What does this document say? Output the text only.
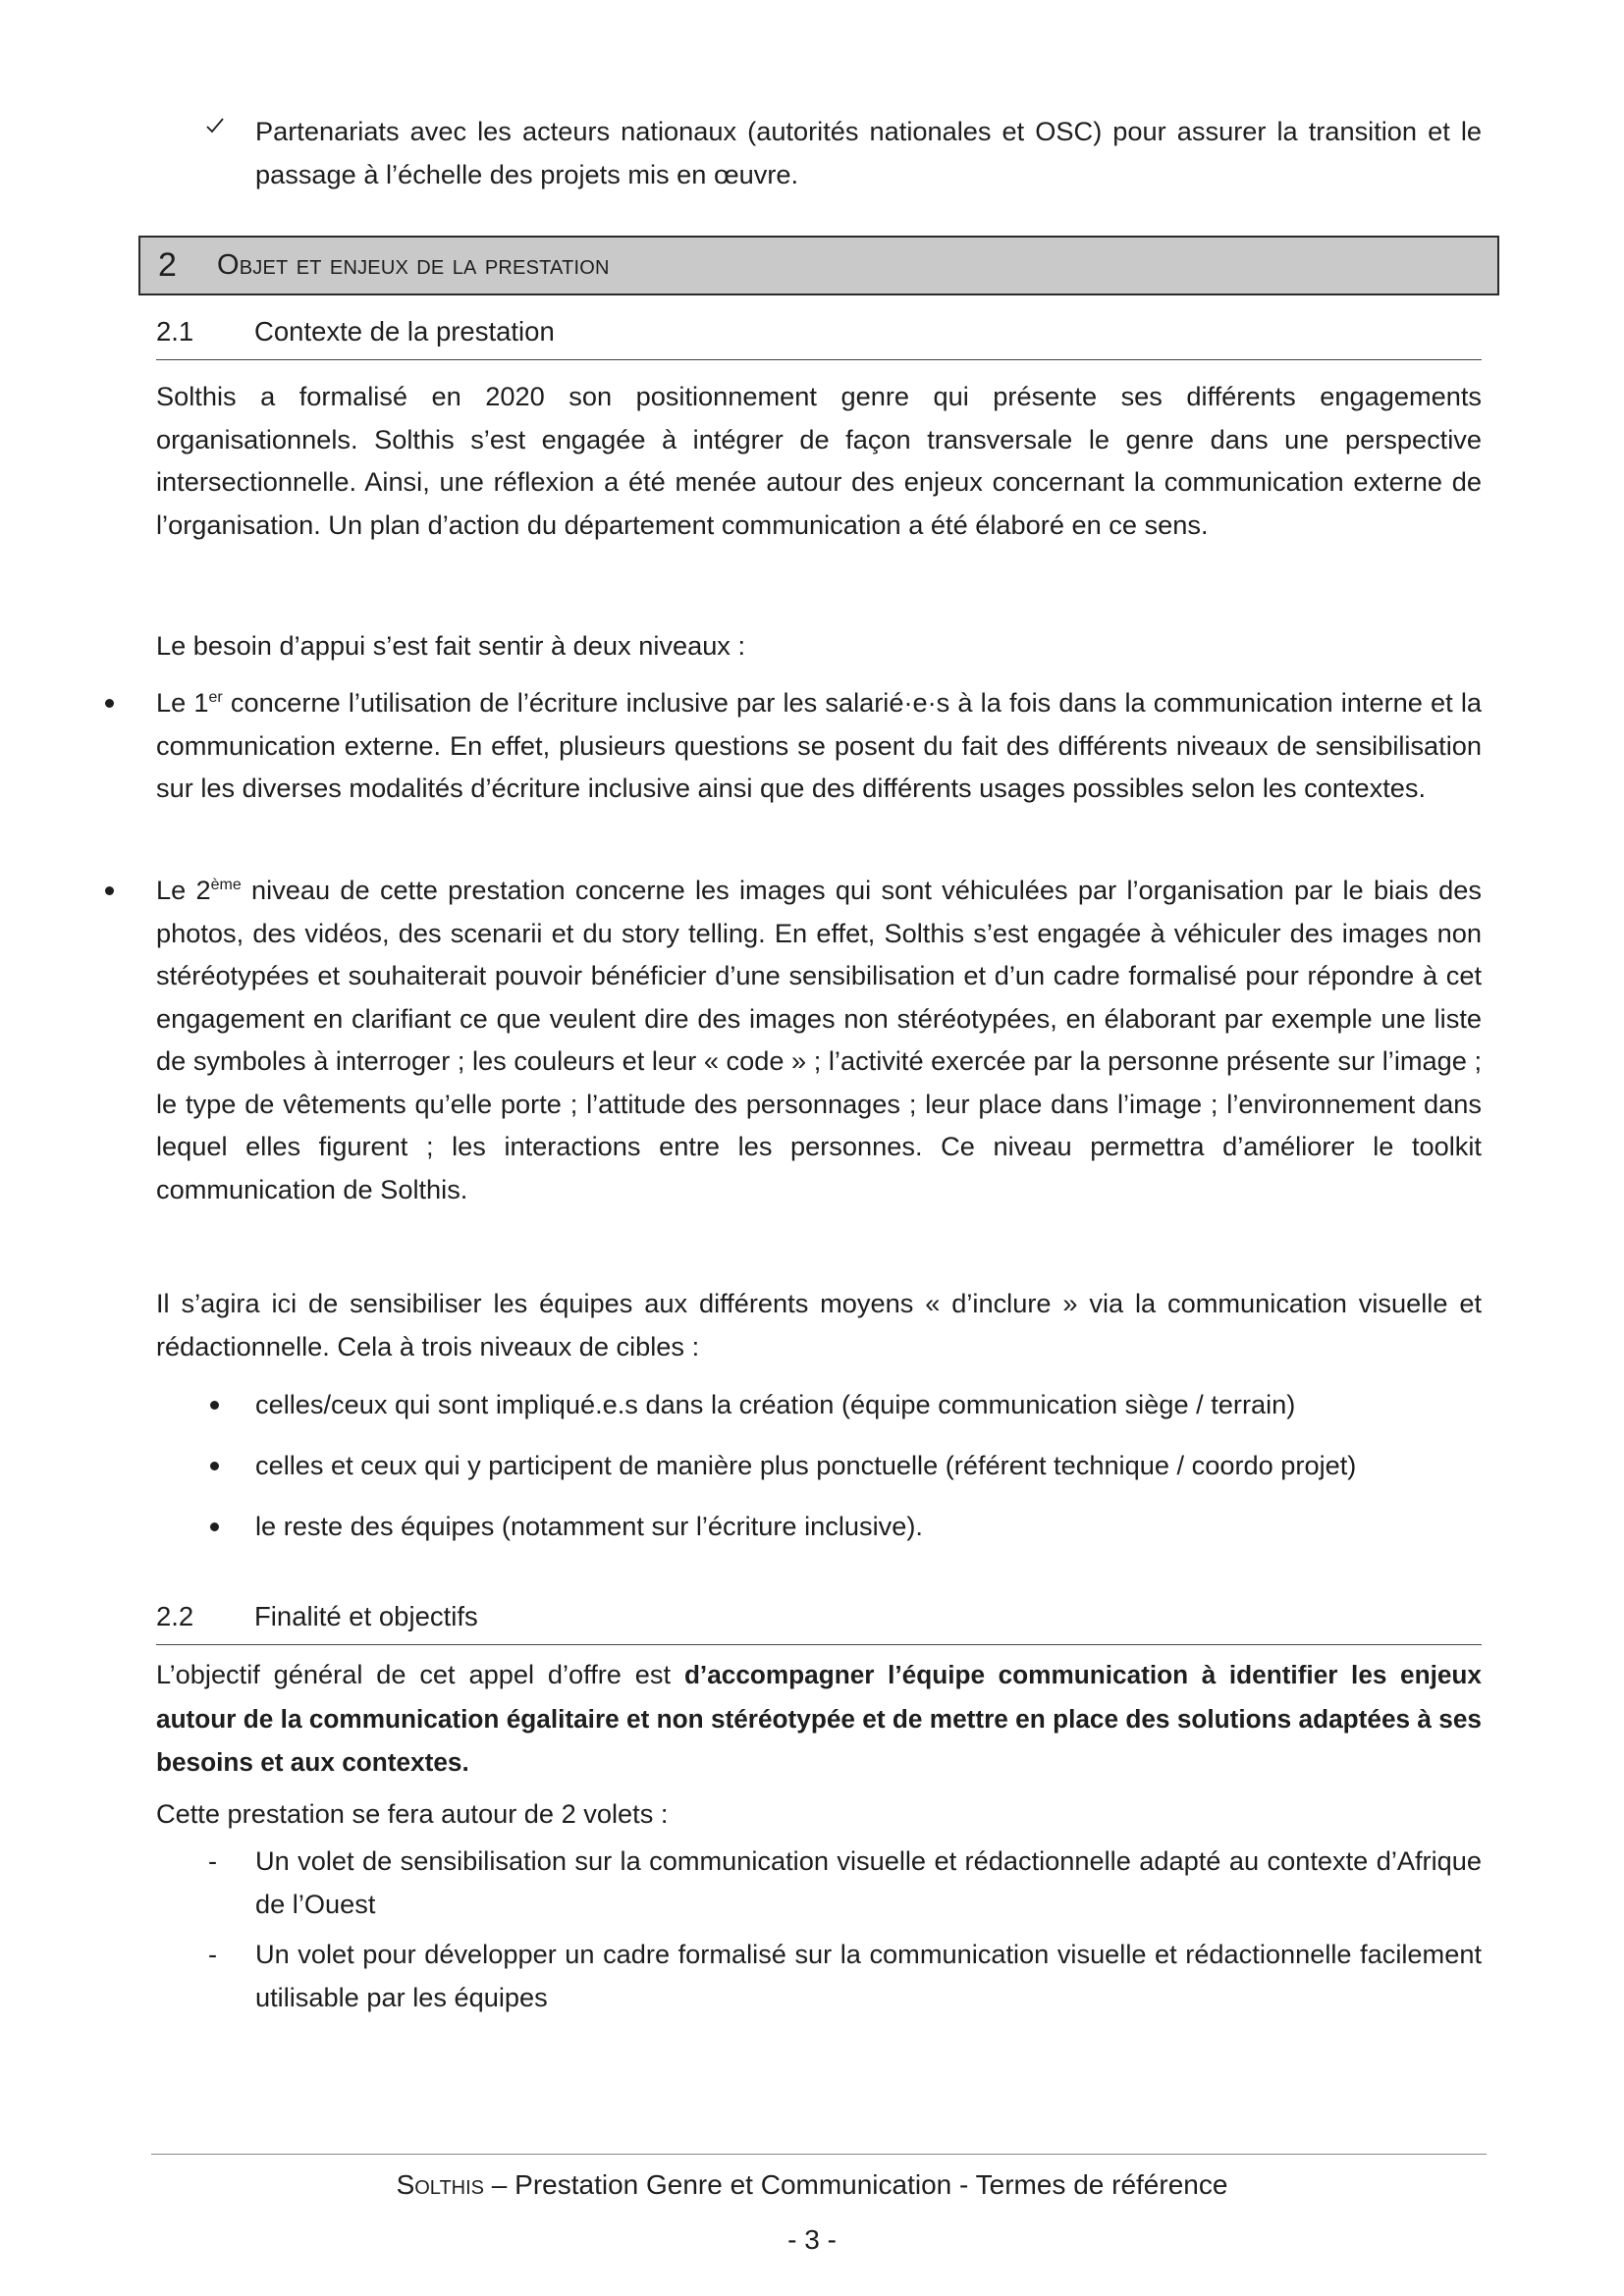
Partenariats avec les acteurs nationaux (autorités nationales et OSC) pour assurer la transition et le passage à l’échelle des projets mis en œuvre.

2 Objet et enjeux de la prestation
2.1 Contexte de la prestation

Solthis a formalisé en 2020 son positionnement genre qui présente ses différents engagements organisationnels. Solthis s’est engagée à intégrer de façon transversale le genre dans une perspective intersectionnelle. Ainsi, une réflexion a été menée autour des enjeux concernant la communication externe de l’organisation. Un plan d’action du département communication a été élaboré en ce sens.

Le besoin d’appui s’est fait sentir à deux niveaux :

Le 1er concerne l’utilisation de l’écriture inclusive par les salarié·e·s à la fois dans la communication interne et la communication externe. En effet, plusieurs questions se posent du fait des différents niveaux de sensibilisation sur les diverses modalités d’écriture inclusive ainsi que des différents usages possibles selon les contextes.

Le 2ème niveau de cette prestation concerne les images qui sont véhiculées par l’organisation par le biais des photos, des vidéos, des scenarii et du story telling. En effet, Solthis s’est engagée à véhiculer des images non stéréotypées et souhaiterait pouvoir bénéficier d’une sensibilisation et d’un cadre formalisé pour répondre à cet engagement en clarifiant ce que veulent dire des images non stéréotypées, en élaborant par exemple une liste de symboles à interroger ; les couleurs et leur « code » ; l’activité exercée par la personne présente sur l’image ; le type de vêtements qu’elle porte ; l’attitude des personnages ; leur place dans l’image ; l’environnement dans lequel elles figurent ; les interactions entre les personnes. Ce niveau permettra d’améliorer le toolkit communication de Solthis.

Il s’agira ici de sensibiliser les équipes aux différents moyens « d’inclure » via la communication visuelle et rédactionnelle. Cela à trois niveaux de cibles :

celles/ceux qui sont impliqué.e.s dans la création (équipe communication siège / terrain)

celles et ceux qui y participent de manière plus ponctuelle (référent technique / coordo projet)

le reste des équipes (notamment sur l’écriture inclusive).

2.2 Finalité et objectifs

L’objectif général de cet appel d’offre est d’accompagner l’équipe communication à identifier les enjeux autour de la communication égalitaire et non stéréotypée et de mettre en place des solutions adaptées à ses besoins et aux contextes.

Cette prestation se fera autour de 2 volets :

- Un volet de sensibilisation sur la communication visuelle et rédactionnelle adapté au contexte d’Afrique de l’Ouest

- Un volet pour développer un cadre formalisé sur la communication visuelle et rédactionnelle facilement utilisable par les équipes

Solthis – Prestation Genre et Communication - Termes de référence
- 3 -
